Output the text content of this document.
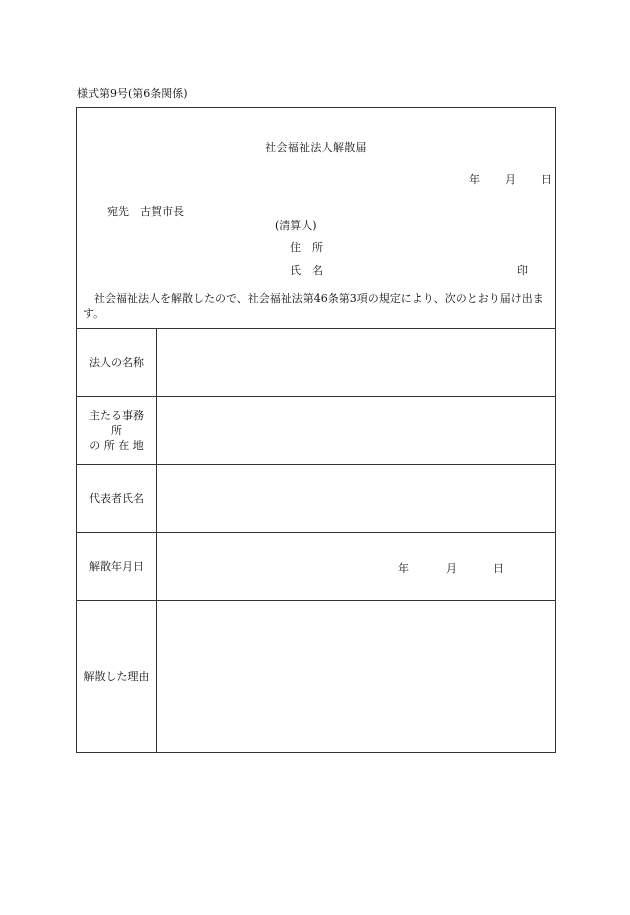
様式第9号(第6条関係)
社会福祉法人解散届
年 月 日
宛先　古賀市長
(清算人)
住　所
氏　名	印
社会福祉法人を解散したので、社会福祉法第46条第3項の規定により、次のとおり届け出ます。
法人の名称
主たる事務
所
の 所 在 地
代表者氏名
解散年月日	年	月	日
解散した理由
